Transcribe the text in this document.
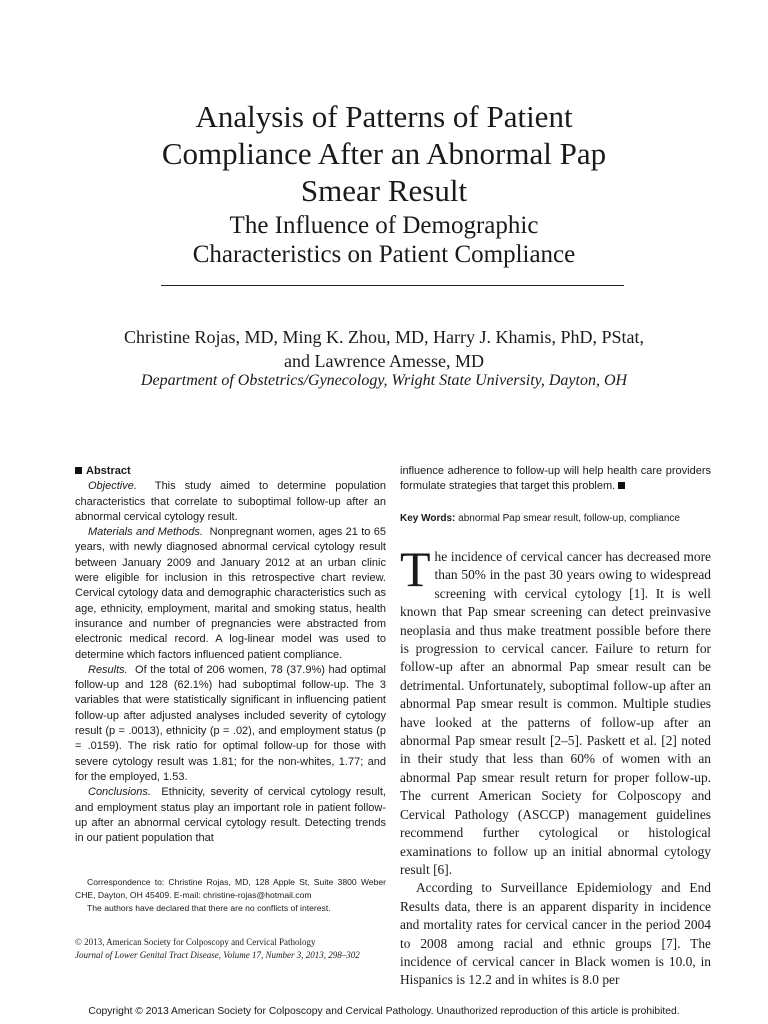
Analysis of Patterns of Patient
Compliance After an Abnormal Pap
Smear Result
The Influence of Demographic
Characteristics on Patient Compliance
Christine Rojas, MD, Ming K. Zhou, MD, Harry J. Khamis, PhD, PStat,
and Lawrence Amesse, MD
Department of Obstetrics/Gynecology, Wright State University, Dayton, OH

Abstract

Objective. This study aimed to determine population characteristics that correlate to suboptimal follow-up after an abnormal cervical cytology result.

Materials and Methods. Nonpregnant women, ages 21 to 65 years, with newly diagnosed abnormal cervical cytology result between January 2009 and January 2012 at an urban clinic were eligible for inclusion in this retrospective chart review. Cervical cytology data and demographic characteristics such as age, ethnicity, employment, marital and smoking status, health insurance and number of pregnancies were abstracted from electronic medical record. A log-linear model was used to determine which factors influenced patient compliance.

Results. Of the total of 206 women, 78 (37.9%) had optimal follow-up and 128 (62.1%) had suboptimal follow-up. The 3 variables that were statistically significant in influencing patient follow-up after adjusted analyses included severity of cytology result (p = .0013), ethnicity (p = .02), and employment status (p = .0159). The risk ratio for optimal follow-up for those with severe cytology result was 1.81; for the non-whites, 1.77; and for the employed, 1.53.

Conclusions. Ethnicity, severity of cervical cytology result, and employment status play an important role in patient follow-up after an abnormal cervical cytology result. Detecting trends in our patient population that

Correspondence to: Christine Rojas, MD, 128 Apple St, Suite 3800 Weber CHE, Dayton, OH 45409. E-mail: christine-rojas@hotmail.com

The authors have declared that there are no conflicts of interest.

© 2013, American Society for Colposcopy and Cervical Pathology

Journal of Lower Genital Tract Disease, Volume 17, Number 3, 2013, 298–302

influence adherence to follow-up will help health care providers formulate strategies that target this problem.

Key Words: abnormal Pap smear result, follow-up, compliance

The incidence of cervical cancer has decreased more than 50% in the past 30 years owing to widespread screening with cervical cytology [1]. It is well known that Pap smear screening can detect preinvasive neoplasia and thus make treatment possible before there is progression to cervical cancer. Failure to return for follow-up after an abnormal Pap smear result can be detrimental. Unfortunately, suboptimal follow-up after an abnormal Pap smear result is common. Multiple studies have looked at the patterns of follow-up after an abnormal Pap smear result [2–5]. Paskett et al. [2] noted in their study that less than 60% of women with an abnormal Pap smear result return for proper follow-up. The current American Society for Colposcopy and Cervical Pathology (ASCCP) management guidelines recommend further cytological or histological examinations to follow up an initial abnormal cytology result [6].

According to Surveillance Epidemiology and End Results data, there is an apparent disparity in incidence and mortality rates for cervical cancer in the period 2004 to 2008 among racial and ethnic groups [7]. The incidence of cervical cancer in Black women is 10.0, in Hispanics is 12.2 and in whites is 8.0 per

Copyright © 2013 American Society for Colposcopy and Cervical Pathology. Unauthorized reproduction of this article is prohibited.
